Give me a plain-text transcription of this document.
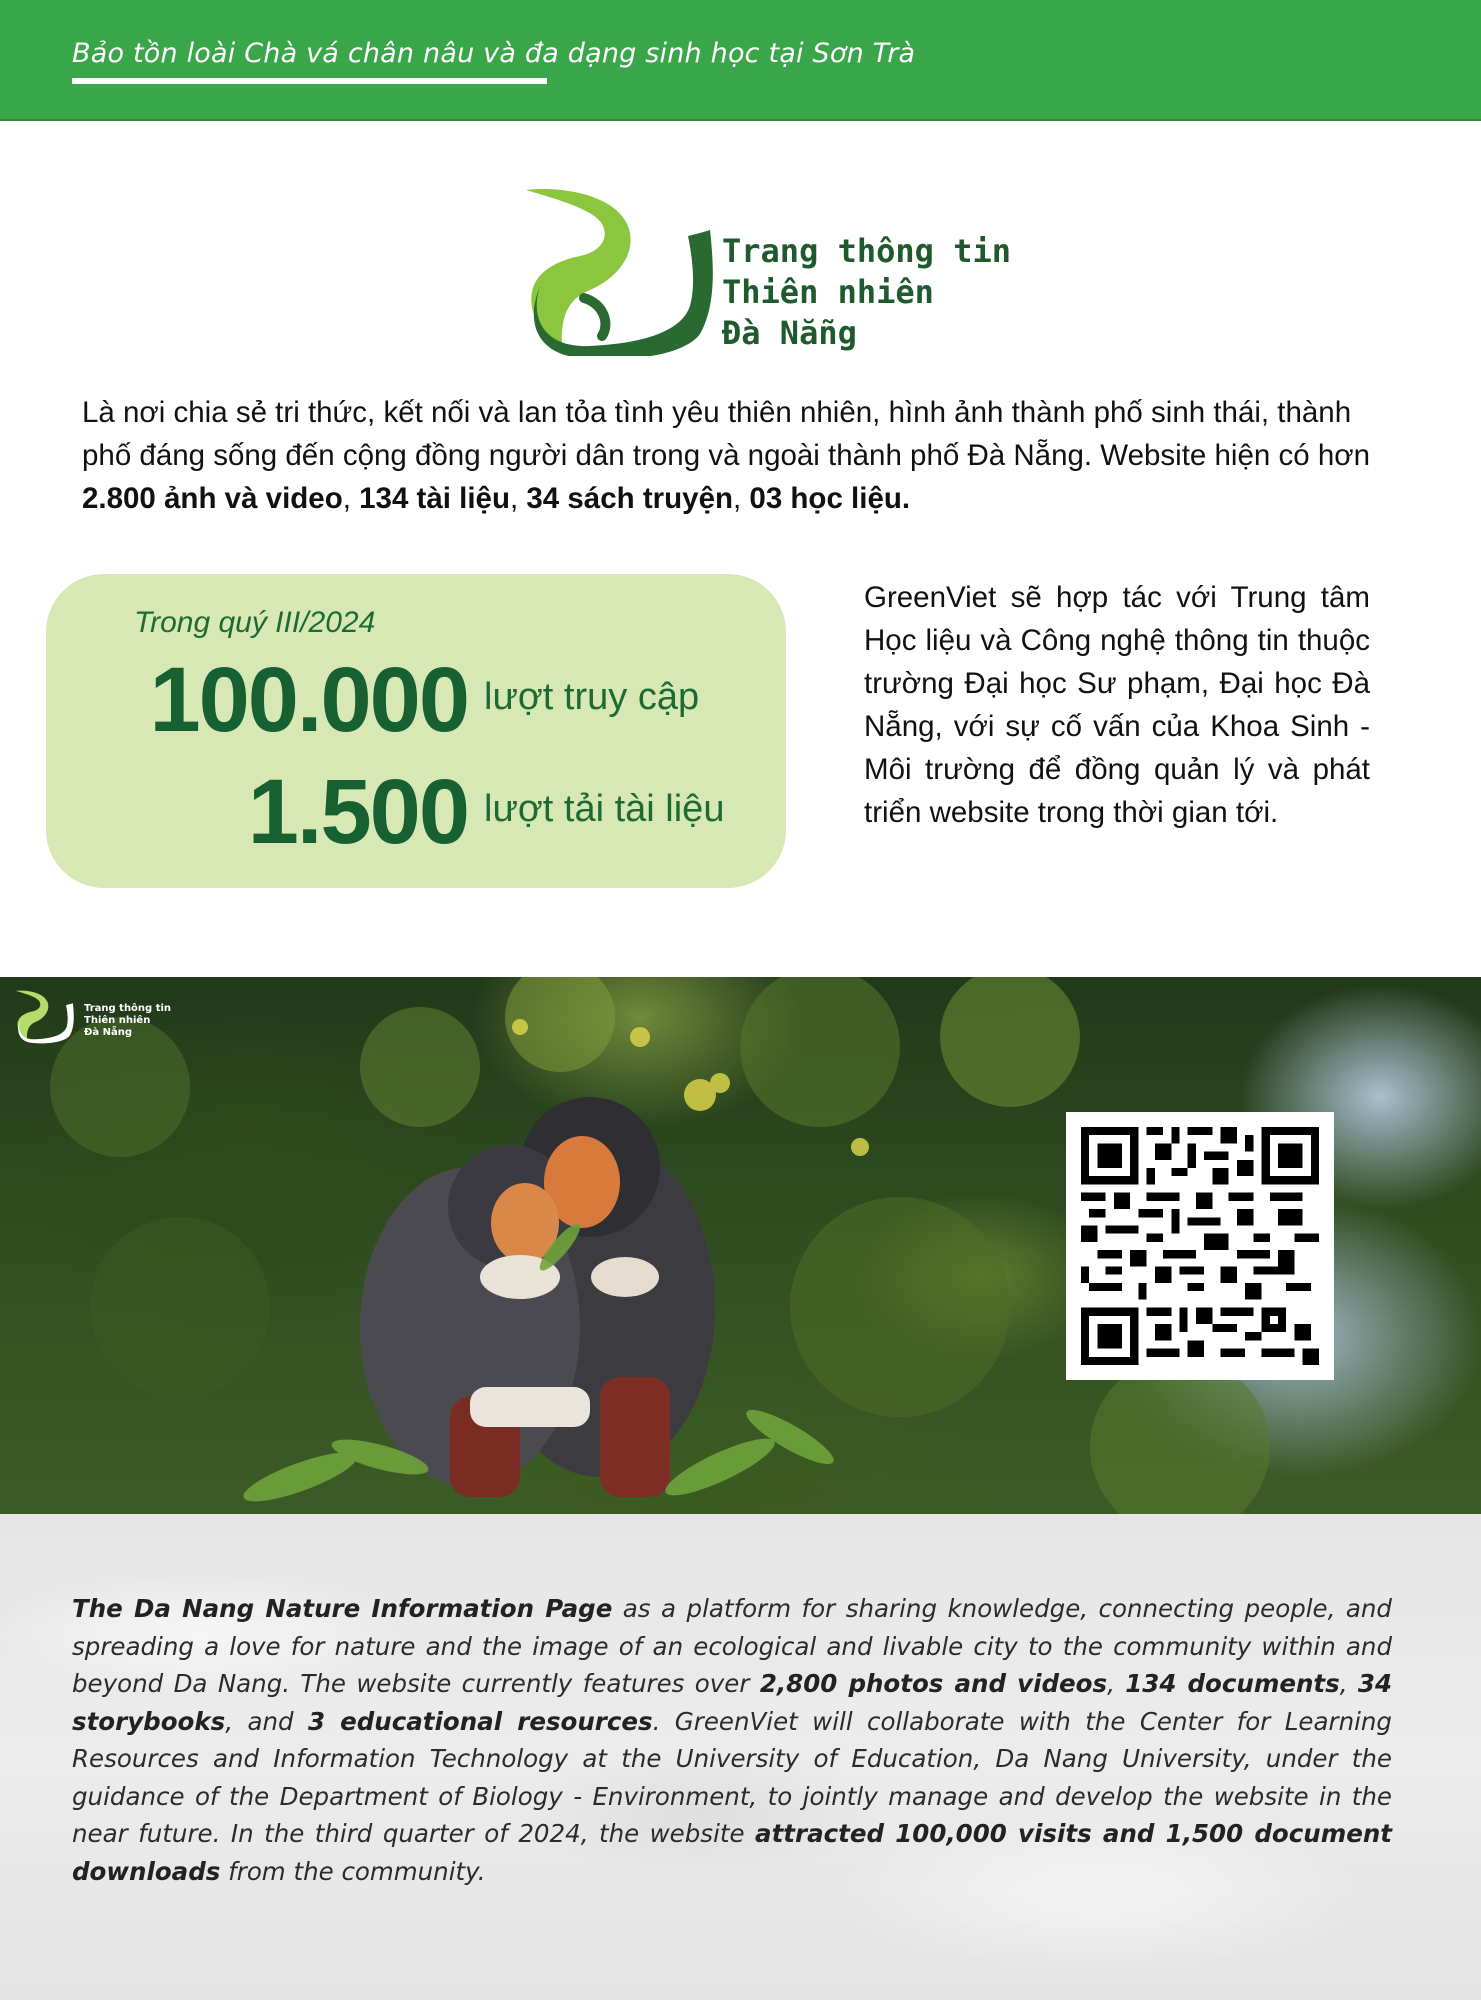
Bảo tồn loài Chà vá chân nâu và đa dạng sinh học tại Sơn Trà
Trang thông tin
Thiên nhiên
Đà Nẵng

Là nơi chia sẻ tri thức, kết nối và lan tỏa tình yêu thiên nhiên, hình ảnh thành phố sinh thái, thành phố đáng sống đến cộng đồng người dân trong và ngoài thành phố Đà Nẵng. Website hiện có hơn 2.800 ảnh và video, 134 tài liệu, 34 sách truyện, 03 học liệu.

Trong quý III/2024
100.000 lượt truy cập
1.500 lượt tải tài liệu

GreenViet sẽ hợp tác với Trung tâm Học liệu và Công nghệ thông tin thuộc trường Đại học Sư phạm, Đại học Đà Nẵng, với sự cố vấn của Khoa Sinh - Môi trường để đồng quản lý và phát triển website trong thời gian tới.

Trang thông tin
Thiên nhiên
Đà Nẵng

The Da Nang Nature Information Page as a platform for sharing knowledge, connecting people, and spreading a love for nature and the image of an ecological and livable city to the community within and beyond Da Nang. The website currently features over 2,800 photos and videos, 134 documents, 34 storybooks, and 3 educational resources. GreenViet will collaborate with the Center for Learning Resources and Information Technology at the University of Education, Da Nang University, under the guidance of the Department of Biology - Environment, to jointly manage and develop the website in the near future. In the third quarter of 2024, the website attracted 100,000 visits and 1,500 document downloads from the community.
